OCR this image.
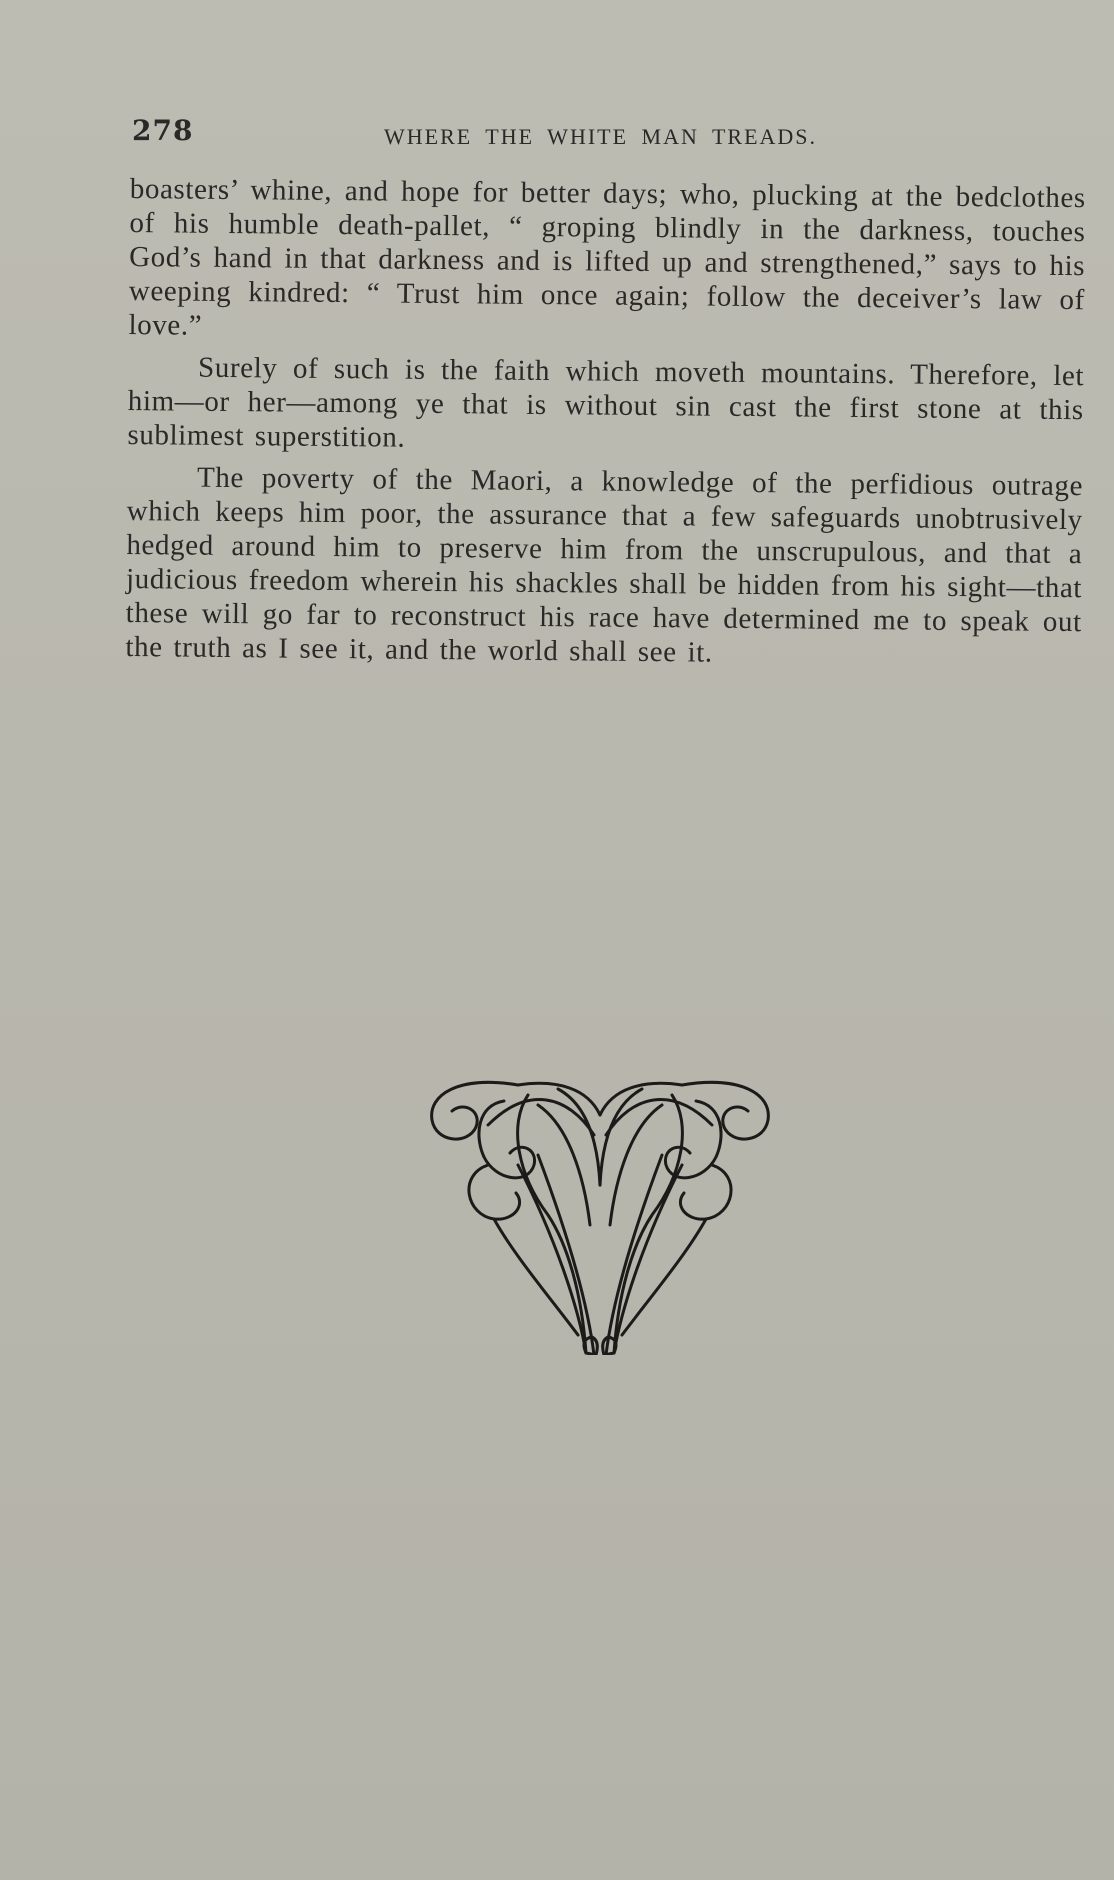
278	WHERE THE WHITE MAN TREADS.

boasters’ whine, and hope for better days; who, plucking at the bedclothes of his humble death-pallet, “ groping blindly in the darkness, touches God’s hand in that darkness and is lifted up and strengthened,” says to his weeping kindred: “ Trust him once again; follow the deceiver’s law of love.”

Surely of such is the faith which moveth mountains. Therefore, let him—or her—among ye that is without sin cast the first stone at this sublimest superstition.

The poverty of the Maori, a knowledge of the perfidious outrage which keeps him poor, the assurance that a few safeguards unobtrusively hedged around him to preserve him from the unscrupulous, and that a judicious freedom wherein his shackles shall be hidden from his sight—that these will go far to reconstruct his race have determined me to speak out the truth as I see it, and the world shall see it.
